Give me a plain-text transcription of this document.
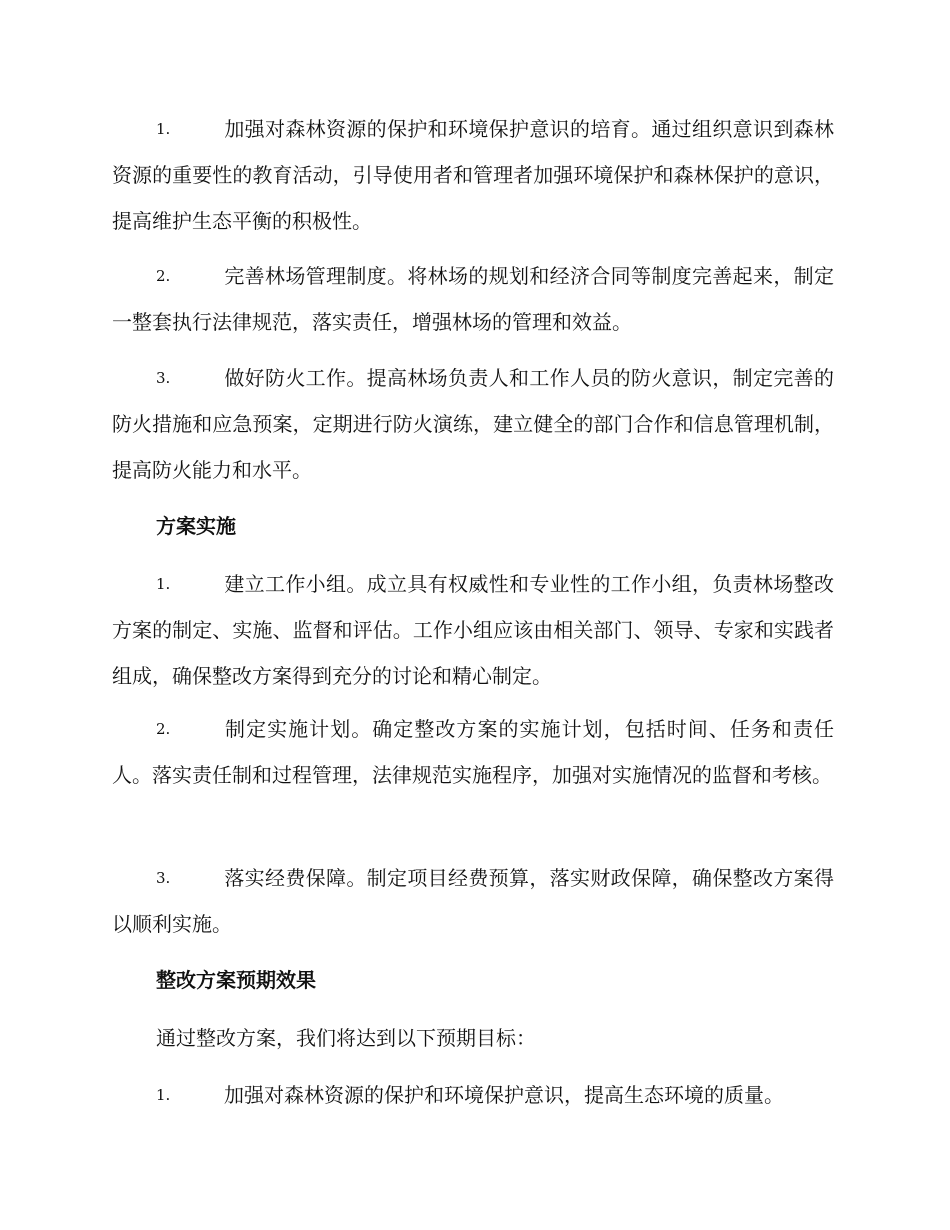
1.	加强对森林资源的保护和环境保护意识的培育。通过组织意识到森林资源的重要性的教育活动，引导使用者和管理者加强环境保护和森林保护的意识，提高维护生态平衡的积极性。

2.	完善林场管理制度。将林场的规划和经济合同等制度完善起来，制定一整套执行法律规范，落实责任，增强林场的管理和效益。

3.	做好防火工作。提高林场负责人和工作人员的防火意识，制定完善的防火措施和应急预案，定期进行防火演练，建立健全的部门合作和信息管理机制，提高防火能力和水平。

方案实施

1.	建立工作小组。成立具有权威性和专业性的工作小组，负责林场整改方案的制定、实施、监督和评估。工作小组应该由相关部门、领导、专家和实践者组成，确保整改方案得到充分的讨论和精心制定。

2.	制定实施计划。确定整改方案的实施计划，包括时间、任务和责任人。落实责任制和过程管理，法律规范实施程序，加强对实施情况的监督和考核。

3.	落实经费保障。制定项目经费预算，落实财政保障，确保整改方案得以顺利实施。

整改方案预期效果

通过整改方案，我们将达到以下预期目标：

1.	加强对森林资源的保护和环境保护意识，提高生态环境的质量。
